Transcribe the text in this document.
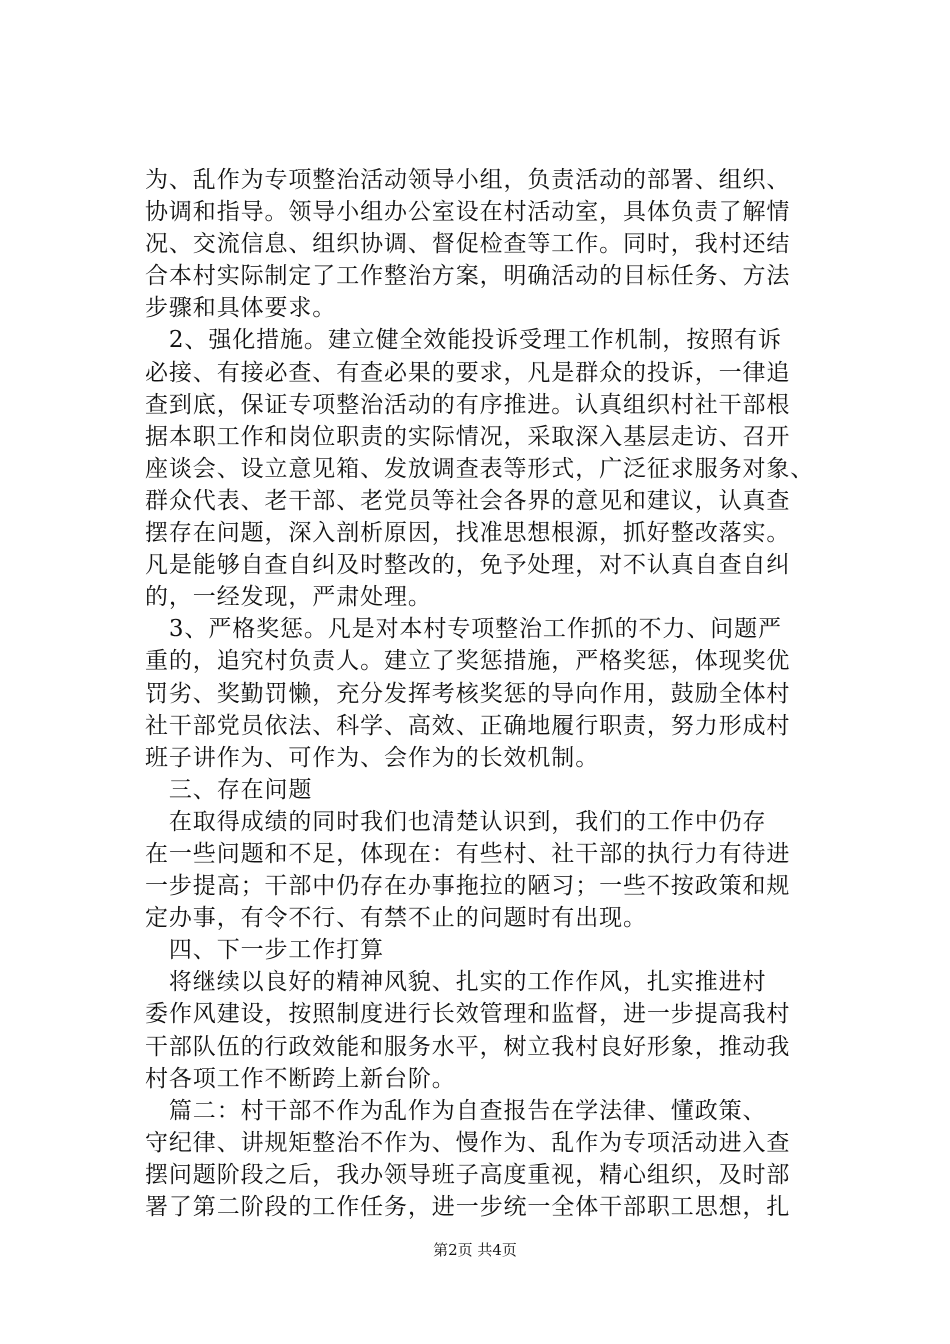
为、乱作为专项整治活动领导小组，负责活动的部署、组织、
协调和指导。领导小组办公室设在村活动室，具体负责了解情
况、交流信息、组织协调、督促检查等工作。同时，我村还结
合本村实际制定了工作整治方案，明确活动的目标任务、方法
步骤和具体要求。
　2、强化措施。建立健全效能投诉受理工作机制，按照有诉
必接、有接必查、有查必果的要求，凡是群众的投诉，一律追
查到底，保证专项整治活动的有序推进。认真组织村社干部根
据本职工作和岗位职责的实际情况，采取深入基层走访、召开
座谈会、设立意见箱、发放调查表等形式，广泛征求服务对象、
群众代表、老干部、老党员等社会各界的意见和建议，认真查
摆存在问题，深入剖析原因，找准思想根源，抓好整改落实。
凡是能够自查自纠及时整改的，免予处理，对不认真自查自纠
的，一经发现，严肃处理。
　3、严格奖惩。凡是对本村专项整治工作抓的不力、问题严
重的，追究村负责人。建立了奖惩措施，严格奖惩，体现奖优
罚劣、奖勤罚懒，充分发挥考核奖惩的导向作用，鼓励全体村
社干部党员依法、科学、高效、正确地履行职责，努力形成村
班子讲作为、可作为、会作为的长效机制。
　三、存在问题
　在取得成绩的同时我们也清楚认识到，我们的工作中仍存
在一些问题和不足，体现在：有些村、社干部的执行力有待进
一步提高；干部中仍存在办事拖拉的陋习；一些不按政策和规
定办事，有令不行、有禁不止的问题时有出现。
　四、下一步工作打算
　将继续以良好的精神风貌、扎实的工作作风，扎实推进村
委作风建设，按照制度进行长效管理和监督，进一步提高我村
干部队伍的行政效能和服务水平，树立我村良好形象，推动我
村各项工作不断跨上新台阶。
　篇二：村干部不作为乱作为自查报告在学法律、懂政策、
守纪律、讲规矩整治不作为、慢作为、乱作为专项活动进入查
摆问题阶段之后，我办领导班子高度重视，精心组织，及时部
署了第二阶段的工作任务，进一步统一全体干部职工思想，扎
第2页 共4页
